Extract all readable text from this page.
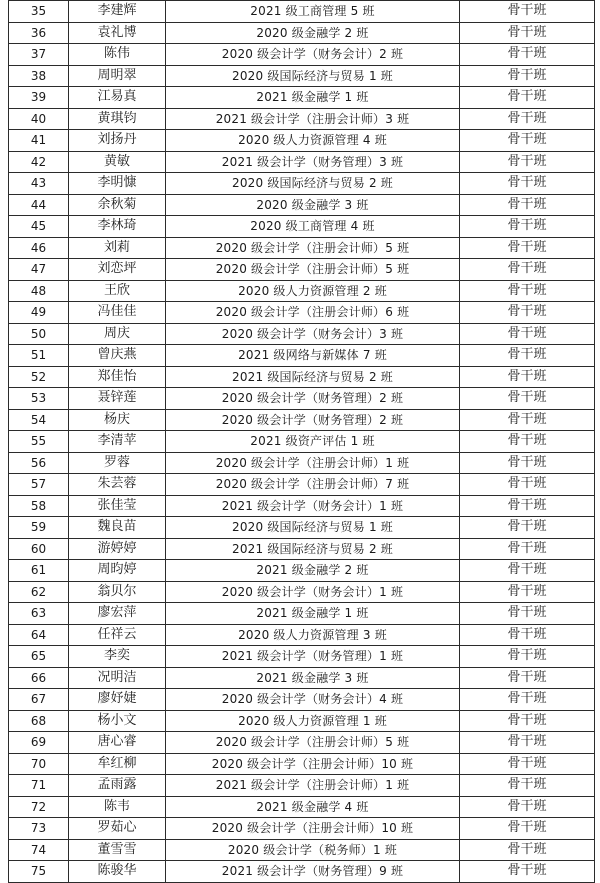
35	李建辉	2021 级工商管理 5 班	骨干班
36	袁礼博	2020 级金融学 2 班	骨干班
37	陈伟	2020 级会计学（财务会计）2 班	骨干班
38	周明翠	2020 级国际经济与贸易 1 班	骨干班
39	江易真	2021 级金融学 1 班	骨干班
40	黄琪钧	2021 级会计学（注册会计师）3 班	骨干班
41	刘扬丹	2020 级人力资源管理 4 班	骨干班
42	黄敏	2021 级会计学（财务管理）3 班	骨干班
43	李明慷	2020 级国际经济与贸易 2 班	骨干班
44	余秋菊	2020 级金融学 3 班	骨干班
45	李林琦	2020 级工商管理 4 班	骨干班
46	刘莉	2020 级会计学（注册会计师）5 班	骨干班
47	刘恋坪	2020 级会计学（注册会计师）5 班	骨干班
48	王欣	2020 级人力资源管理 2 班	骨干班
49	冯佳佳	2020 级会计学（注册会计师）6 班	骨干班
50	周庆	2020 级会计学（财务会计）3 班	骨干班
51	曾庆燕	2021 级网络与新媒体 7 班	骨干班
52	郑佳怡	2021 级国际经济与贸易 2 班	骨干班
53	聂锌莲	2020 级会计学（财务管理）2 班	骨干班
54	杨庆	2020 级会计学（财务管理）2 班	骨干班
55	李清苹	2021 级资产评估 1 班	骨干班
56	罗蓉	2020 级会计学（注册会计师）1 班	骨干班
57	朱芸蓉	2020 级会计学（注册会计师）7 班	骨干班
58	张佳莹	2021 级会计学（财务会计）1 班	骨干班
59	魏良苗	2020 级国际经济与贸易 1 班	骨干班
60	游婷婷	2021 级国际经济与贸易 2 班	骨干班
61	周昀婷	2021 级金融学 2 班	骨干班
62	翁贝尔	2020 级会计学（财务会计）1 班	骨干班
63	廖宏萍	2021 级金融学 1 班	骨干班
64	任祥云	2020 级人力资源管理 3 班	骨干班
65	李奕	2021 级会计学（财务管理）1 班	骨干班
66	况明洁	2021 级金融学 3 班	骨干班
67	廖妤婕	2020 级会计学（财务会计）4 班	骨干班
68	杨小文	2020 级人力资源管理 1 班	骨干班
69	唐心睿	2020 级会计学（注册会计师）5 班	骨干班
70	牟红柳	2020 级会计学（注册会计师）10 班	骨干班
71	孟雨露	2021 级会计学（注册会计师）1 班	骨干班
72	陈韦	2021 级金融学 4 班	骨干班
73	罗茹心	2020 级会计学（注册会计师）10 班	骨干班
74	董雪雪	2020 级会计学（税务师）1 班	骨干班
75	陈骏华	2021 级会计学（财务管理）9 班	骨干班
